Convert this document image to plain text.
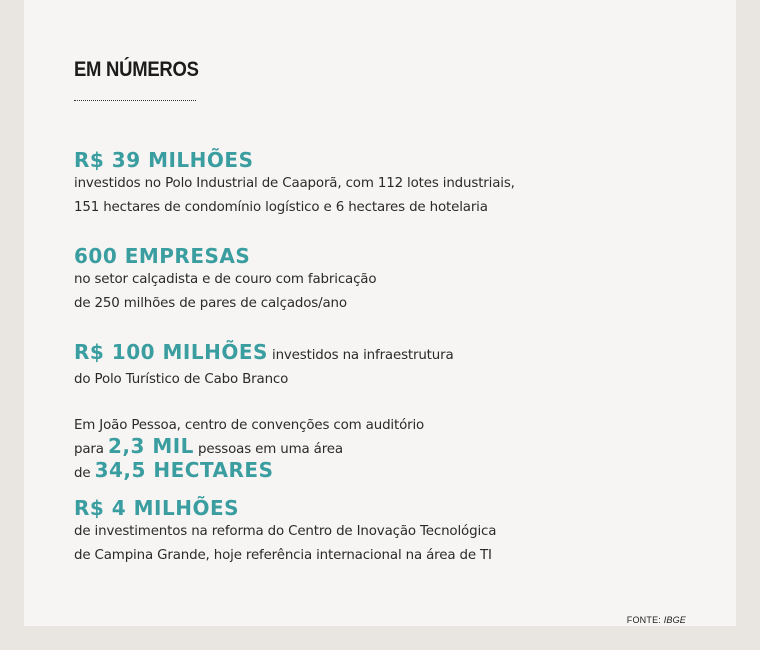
EM NÚMEROS
R$ 39 MILHÕES
investidos no Polo Industrial de Caaporã, com 112 lotes industriais,
151 hectares de condomínio logístico e 6 hectares de hotelaria
600 EMPRESAS
no setor calçadista e de couro com fabricação
de 250 milhões de pares de calçados/ano
R$ 100 MILHÕES investidos na infraestrutura
do Polo Turístico de Cabo Branco
Em João Pessoa, centro de convenções com auditório
para 2,3 MIL pessoas em uma área
de 34,5 HECTARES
R$ 4 MILHÕES
de investimentos na reforma do Centro de Inovação Tecnológica
de Campina Grande, hoje referência internacional na área de TI
FONTE: IBGE
